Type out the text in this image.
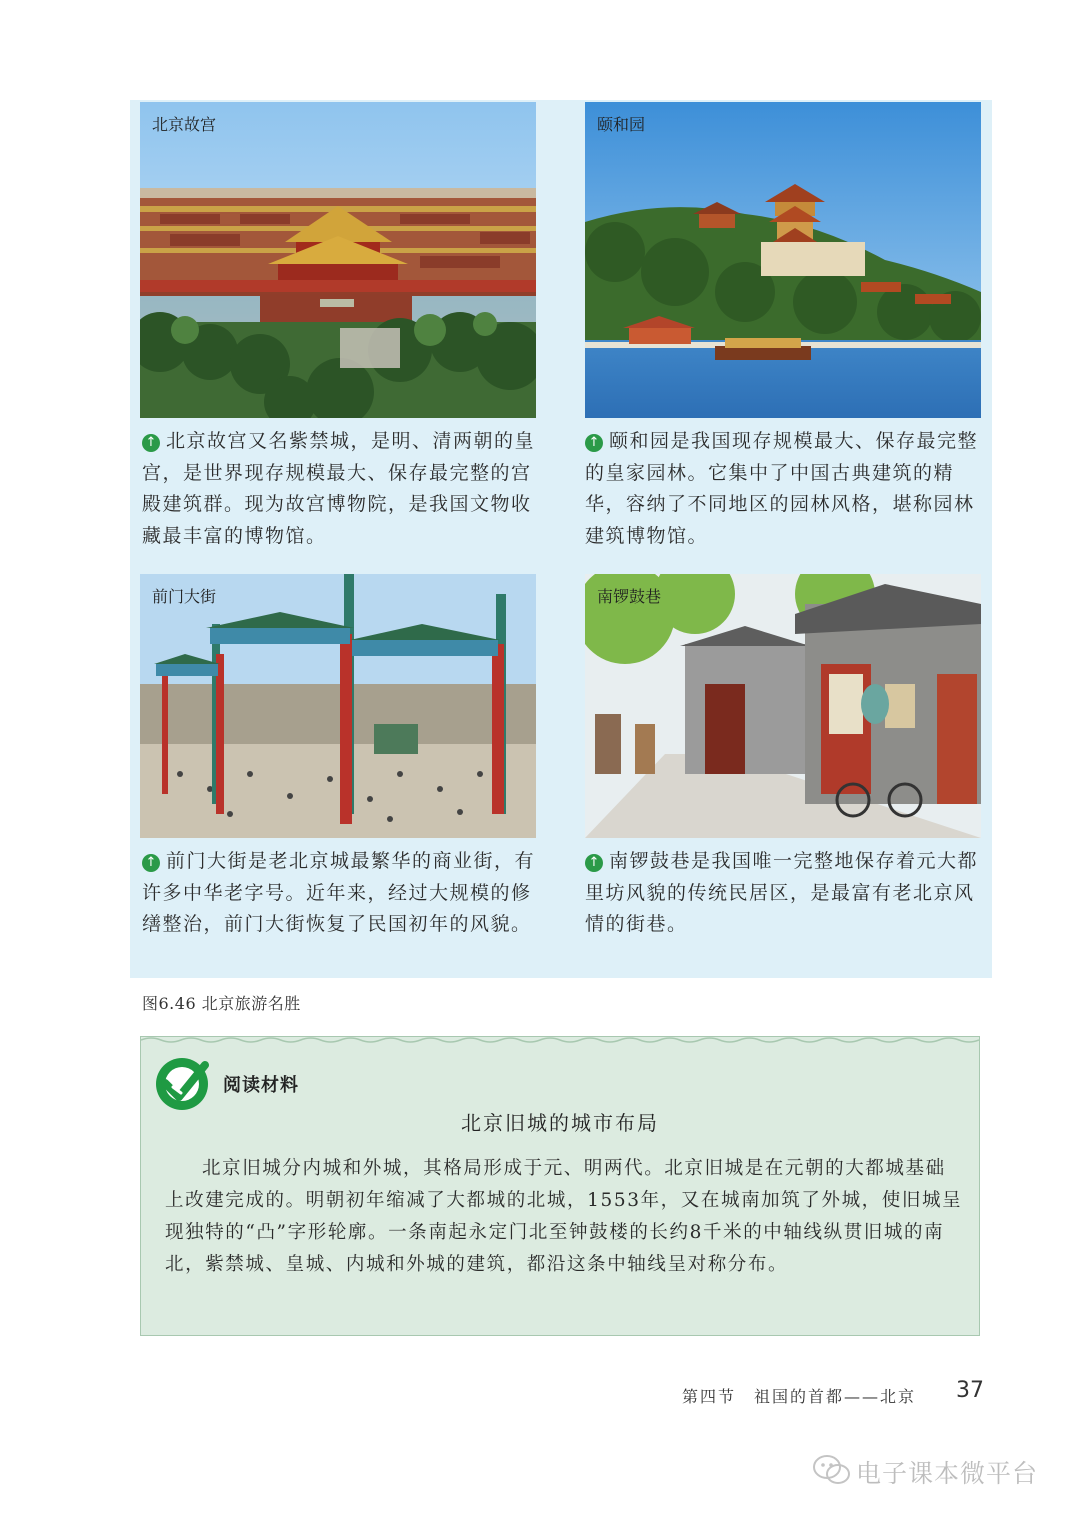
北京故宫	颐和园
前门大街	南锣鼓巷

↑ 北京故宫又名紫禁城，是明、清两朝的皇宫，是世界现存规模最大、保存最完整的宫殿建筑群。现为故宫博物院，是我国文物收藏最丰富的博物馆。

↑ 颐和园是我国现存规模最大、保存最完整的皇家园林。它集中了中国古典建筑的精华，容纳了不同地区的园林风格，堪称园林建筑博物馆。

↑ 前门大街是老北京城最繁华的商业街，有许多中华老字号。近年来，经过大规模的修缮整治，前门大街恢复了民国初年的风貌。

↑ 南锣鼓巷是我国唯一完整地保存着元大都里坊风貌的传统民居区，是最富有老北京风情的街巷。

图6.46 北京旅游名胜
阅读材料
北京旧城的城市布局

北京旧城分内城和外城，其格局形成于元、明两代。北京旧城是在元朝的大都城基础上改建完成的。明朝初年缩减了大都城的北城，1553年，又在城南加筑了外城，使旧城呈现独特的“凸”字形轮廓。一条南起永定门北至钟鼓楼的长约8千米的中轴线纵贯旧城的南北，紫禁城、皇城、内城和外城的建筑，都沿这条中轴线呈对称分布。

第四节　祖国的首都——北京 37
电子课本微平台
